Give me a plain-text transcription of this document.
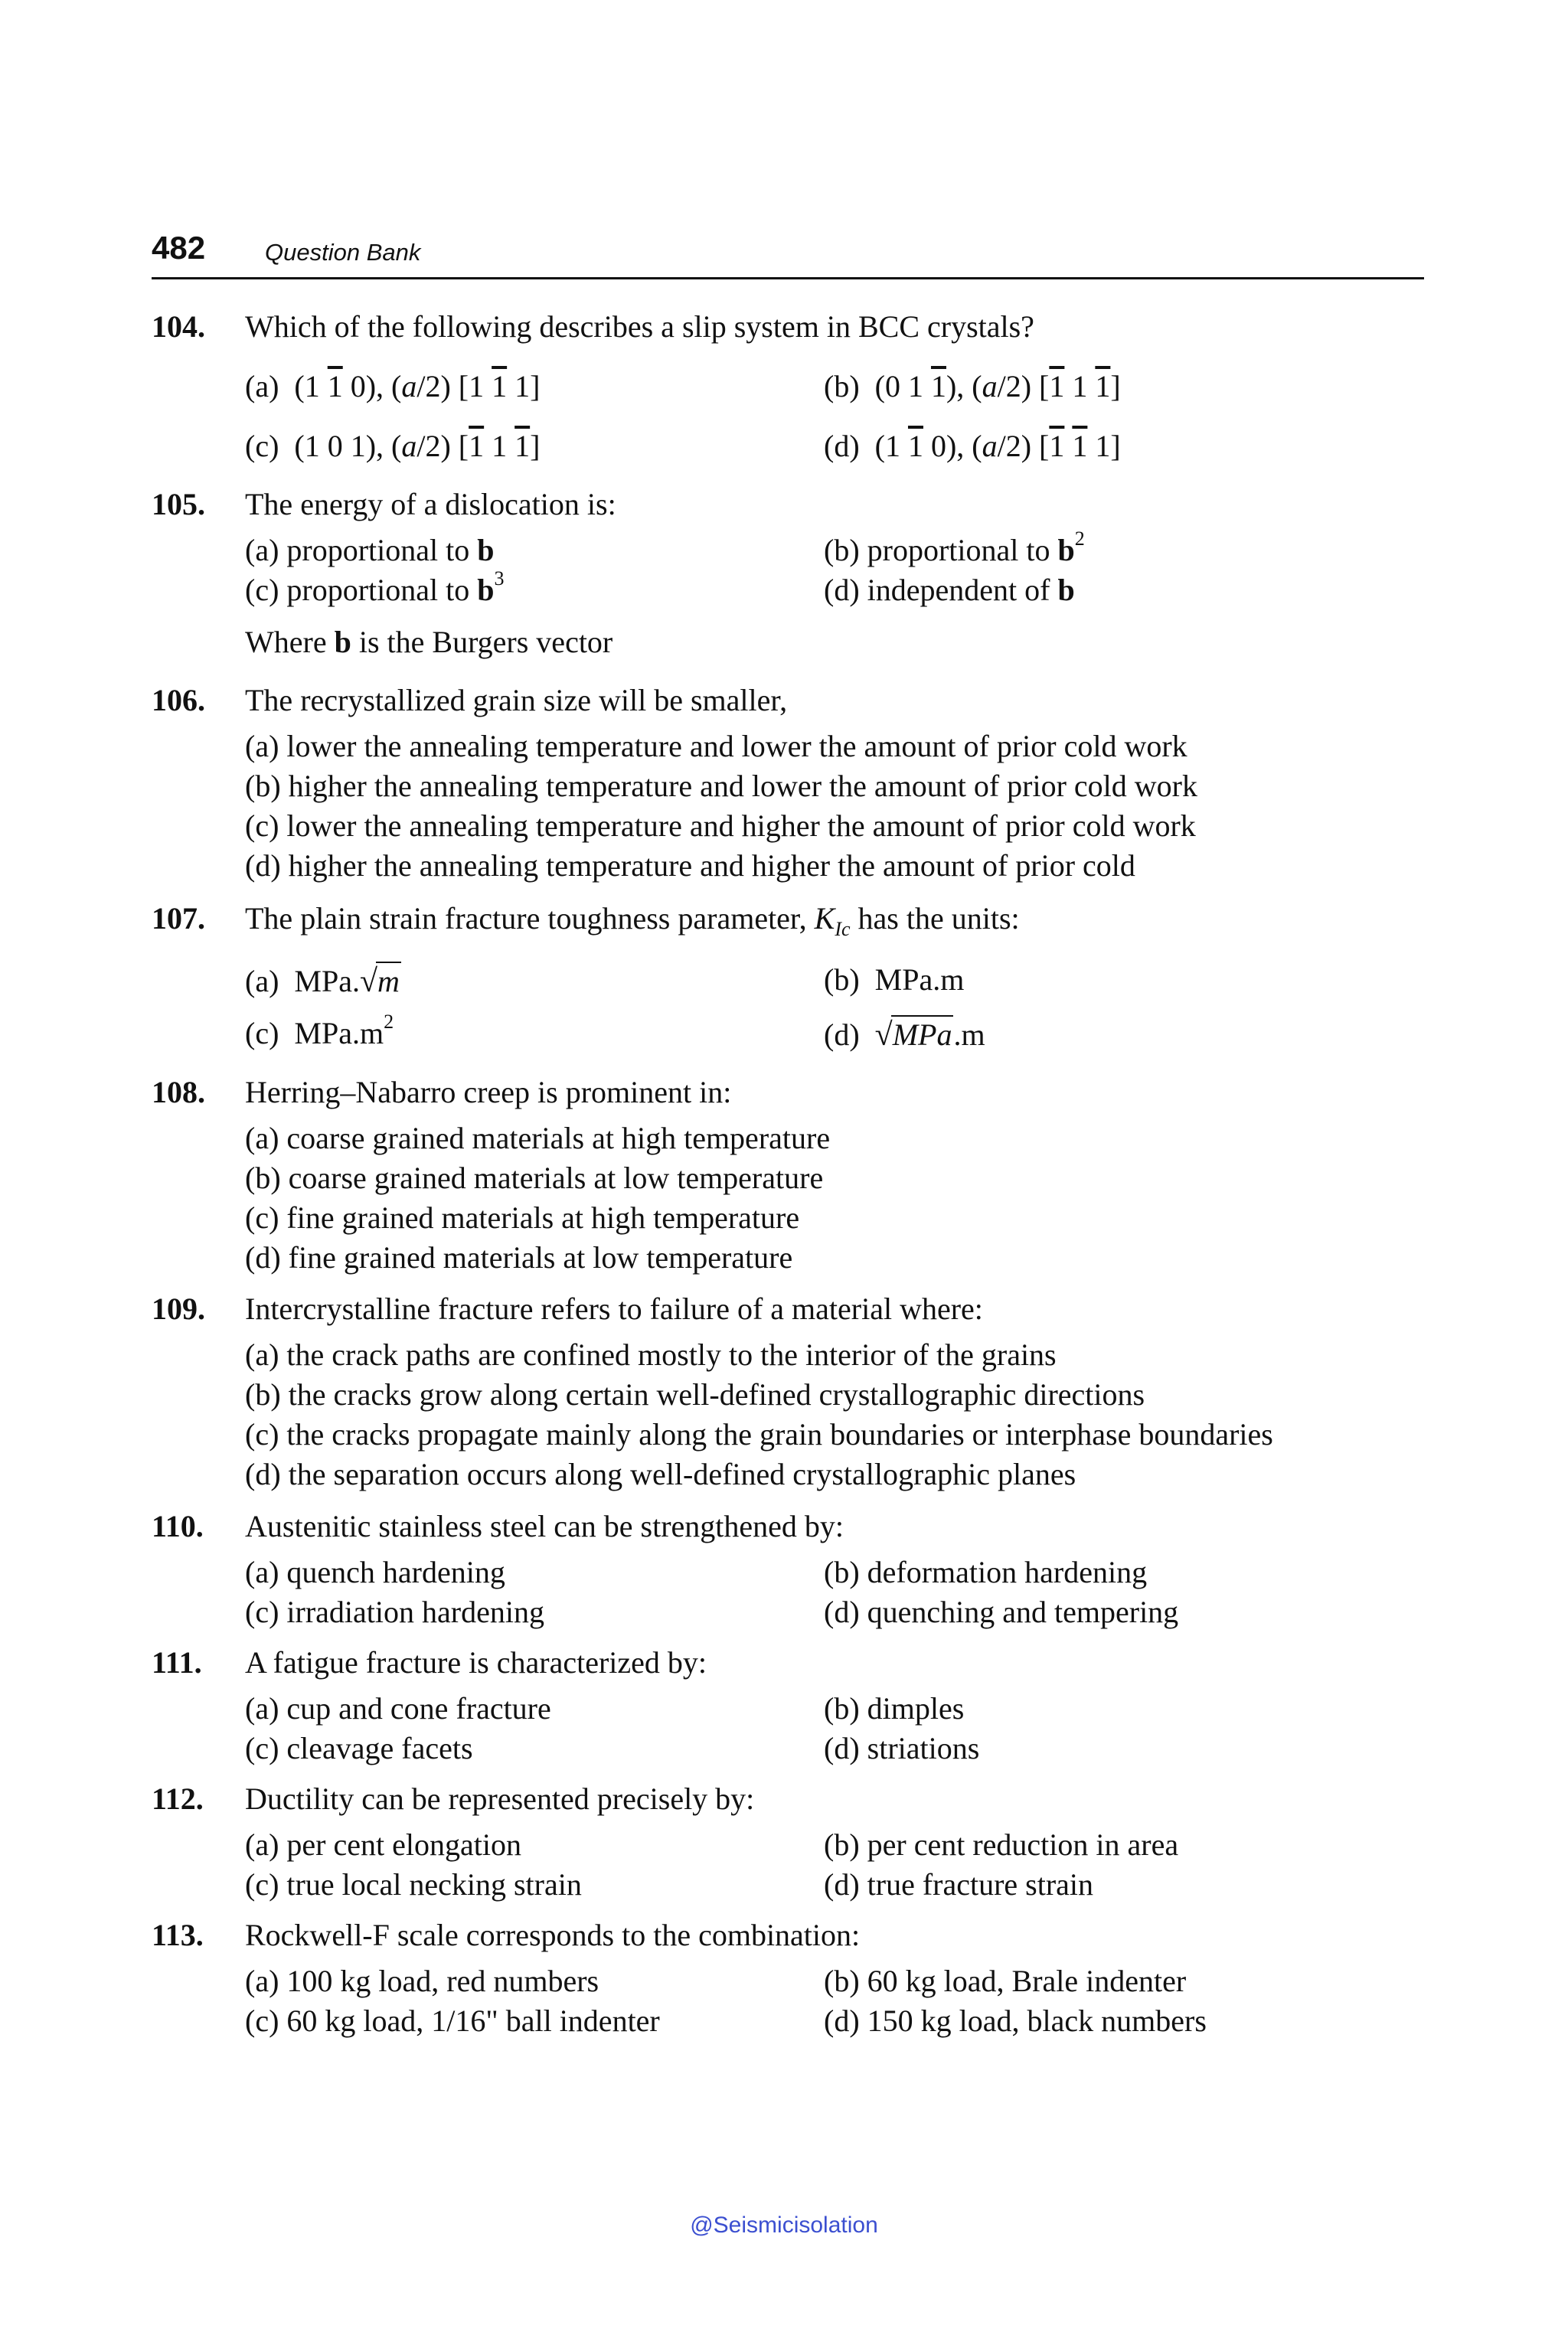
482	Question Bank
104. Which of the following describes a slip system in BCC crystals?
(a)  (1 1 0), (a/2) [1 1 1]	(b)  (0 1 1), (a/2) [1 1 1]
(c)  (1 0 1), (a/2) [1 1 1]	(d)  (1 1 0), (a/2) [1 1 1]
105. The energy of a dislocation is:
(a) proportional to b	(b) proportional to $b^2$
(c) proportional to $b^3$	(d) independent of b
Where b is the Burgers vector
106. The recrystallized grain size will be smaller,
(a) lower the annealing temperature and lower the amount of prior cold work
(b) higher the annealing temperature and lower the amount of prior cold work
(c) lower the annealing temperature and higher the amount of prior cold work
(d) higher the annealing temperature and higher the amount of prior cold
107. The plain strain fracture toughness parameter, $K_{Ic}$ has the units:
(a)  MPa.√m	(b) MPa.m
(c)  $MPa.m^2$	(d) √MPa.m
108. Herring–Nabarro creep is prominent in:
(a) coarse grained materials at high temperature
(b) coarse grained materials at low temperature
(c) fine grained materials at high temperature
(d) fine grained materials at low temperature
109. Intercrystalline fracture refers to failure of a material where:
(a) the crack paths are confined mostly to the interior of the grains
(b) the cracks grow along certain well-defined crystallographic directions
(c) the cracks propagate mainly along the grain boundaries or interphase boundaries
(d) the separation occurs along well-defined crystallographic planes
110. Austenitic stainless steel can be strengthened by:
(a) quench hardening	(b) deformation hardening
(c) irradiation hardening	(d) quenching and tempering
111. A fatigue fracture is characterized by:
(a) cup and cone fracture	(b) dimples
(c) cleavage facets	(d) striations
112. Ductility can be represented precisely by:
(a) per cent elongation	(b) per cent reduction in area
(c) true local necking strain	(d) true fracture strain
113. Rockwell-F scale corresponds to the combination:
(a) 100 kg load, red numbers	(b) 60 kg load, Brale indenter
(c) 60 kg load, 1/16" ball indenter	(d) 150 kg load, black numbers
@Seismicisolation
